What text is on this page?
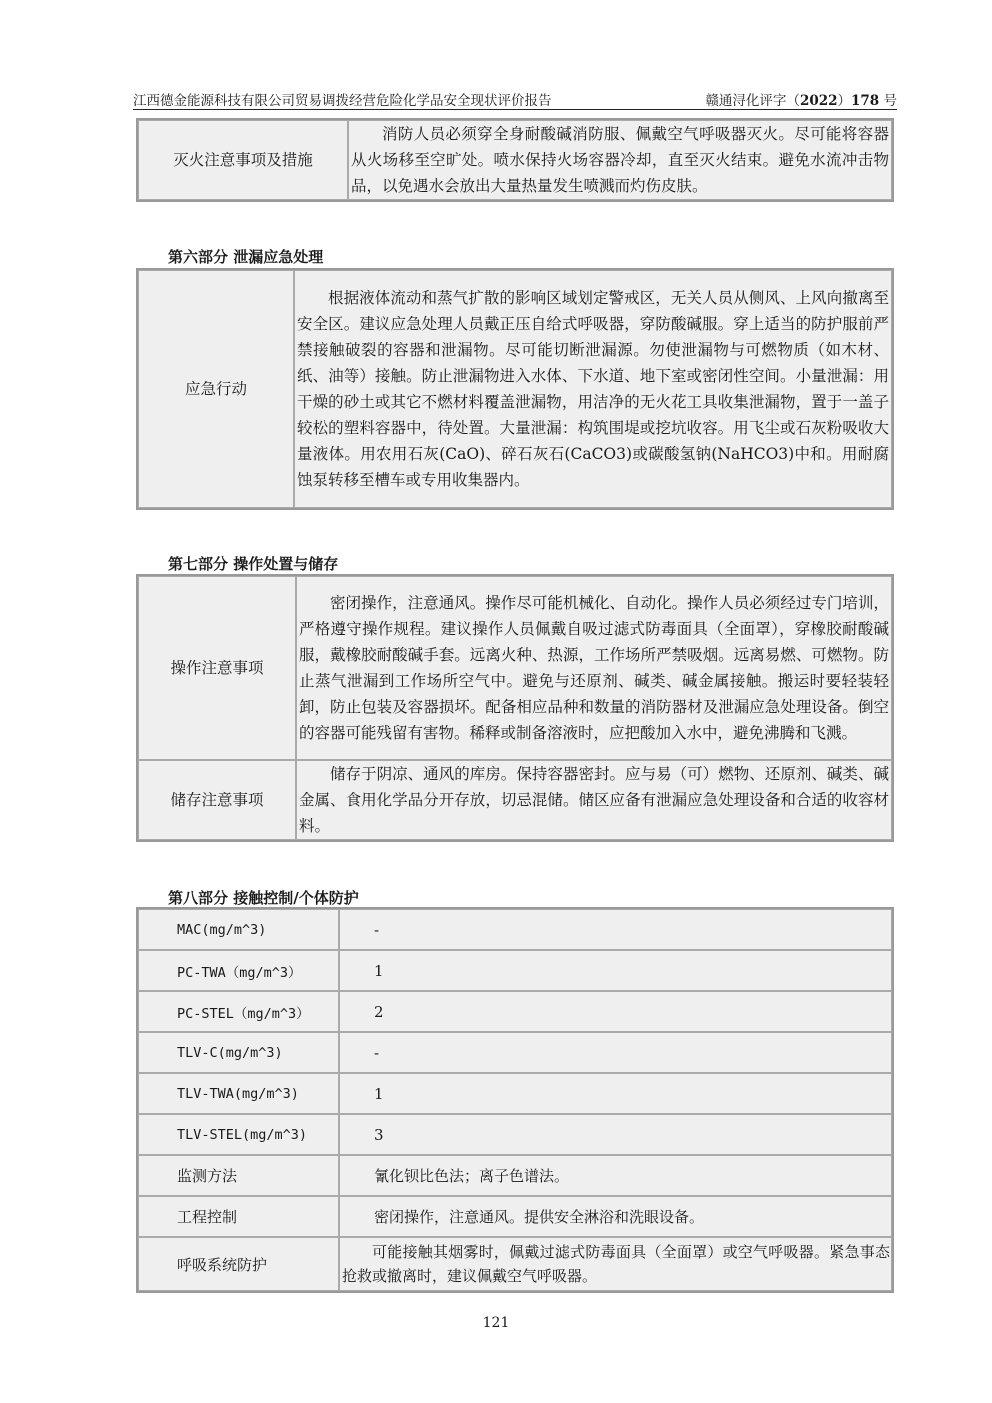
江西德金能源科技有限公司贸易调拨经营危险化学品安全现状评价报告	赣通浔化评字（2022）178 号
灭火注意事项及措施	消防人员必须穿全身耐酸碱消防服、佩戴空气呼吸器灭火。尽可能将容器从火场移至空旷处。喷水保持火场容器冷却，直至灭火结束。避免水流冲击物品，以免遇水会放出大量热量发生喷溅而灼伤皮肤。
第六部分 泄漏应急处理
应急行动	根据液体流动和蒸气扩散的影响区域划定警戒区，无关人员从侧风、上风向撤离至安全区。建议应急处理人员戴正压自给式呼吸器，穿防酸碱服。穿上适当的防护服前严禁接触破裂的容器和泄漏物。尽可能切断泄漏源。勿使泄漏物与可燃物质（如木材、纸、油等）接触。防止泄漏物进入水体、下水道、地下室或密闭性空间。小量泄漏：用干燥的砂土或其它不燃材料覆盖泄漏物，用洁净的无火花工具收集泄漏物，置于一盖子较松的塑料容器中，待处置。大量泄漏：构筑围堤或挖坑收容。用飞尘或石灰粉吸收大量液体。用农用石灰(CaO)、碎石灰石(CaCO3)或碳酸氢钠(NaHCO3)中和。用耐腐蚀泵转移至槽车或专用收集器内。
第七部分 操作处置与储存
操作注意事项	密闭操作，注意通风。操作尽可能机械化、自动化。操作人员必须经过专门培训，严格遵守操作规程。建议操作人员佩戴自吸过滤式防毒面具（全面罩），穿橡胶耐酸碱服，戴橡胶耐酸碱手套。远离火种、热源，工作场所严禁吸烟。远离易燃、可燃物。防止蒸气泄漏到工作场所空气中。避免与还原剂、碱类、碱金属接触。搬运时要轻装轻卸，防止包装及容器损坏。配备相应品种和数量的消防器材及泄漏应急处理设备。倒空的容器可能残留有害物。稀释或制备溶液时，应把酸加入水中，避免沸腾和飞溅。
储存注意事项	储存于阴凉、通风的库房。保持容器密封。应与易（可）燃物、还原剂、碱类、碱金属、食用化学品分开存放，切忌混储。储区应备有泄漏应急处理设备和合适的收容材料。
第八部分 接触控制/个体防护
MAC(mg/m^3)	-
PC-TWA（mg/m^3）	1
PC-STEL（mg/m^3）	2
TLV-C(mg/m^3)	-
TLV-TWA(mg/m^3)	1
TLV-STEL(mg/m^3)	3
监测方法	氰化钡比色法；离子色谱法。
工程控制	密闭操作，注意通风。提供安全淋浴和洗眼设备。
呼吸系统防护	可能接触其烟雾时，佩戴过滤式防毒面具（全面罩）或空气呼吸器。紧急事态抢救或撤离时，建议佩戴空气呼吸器。
121
